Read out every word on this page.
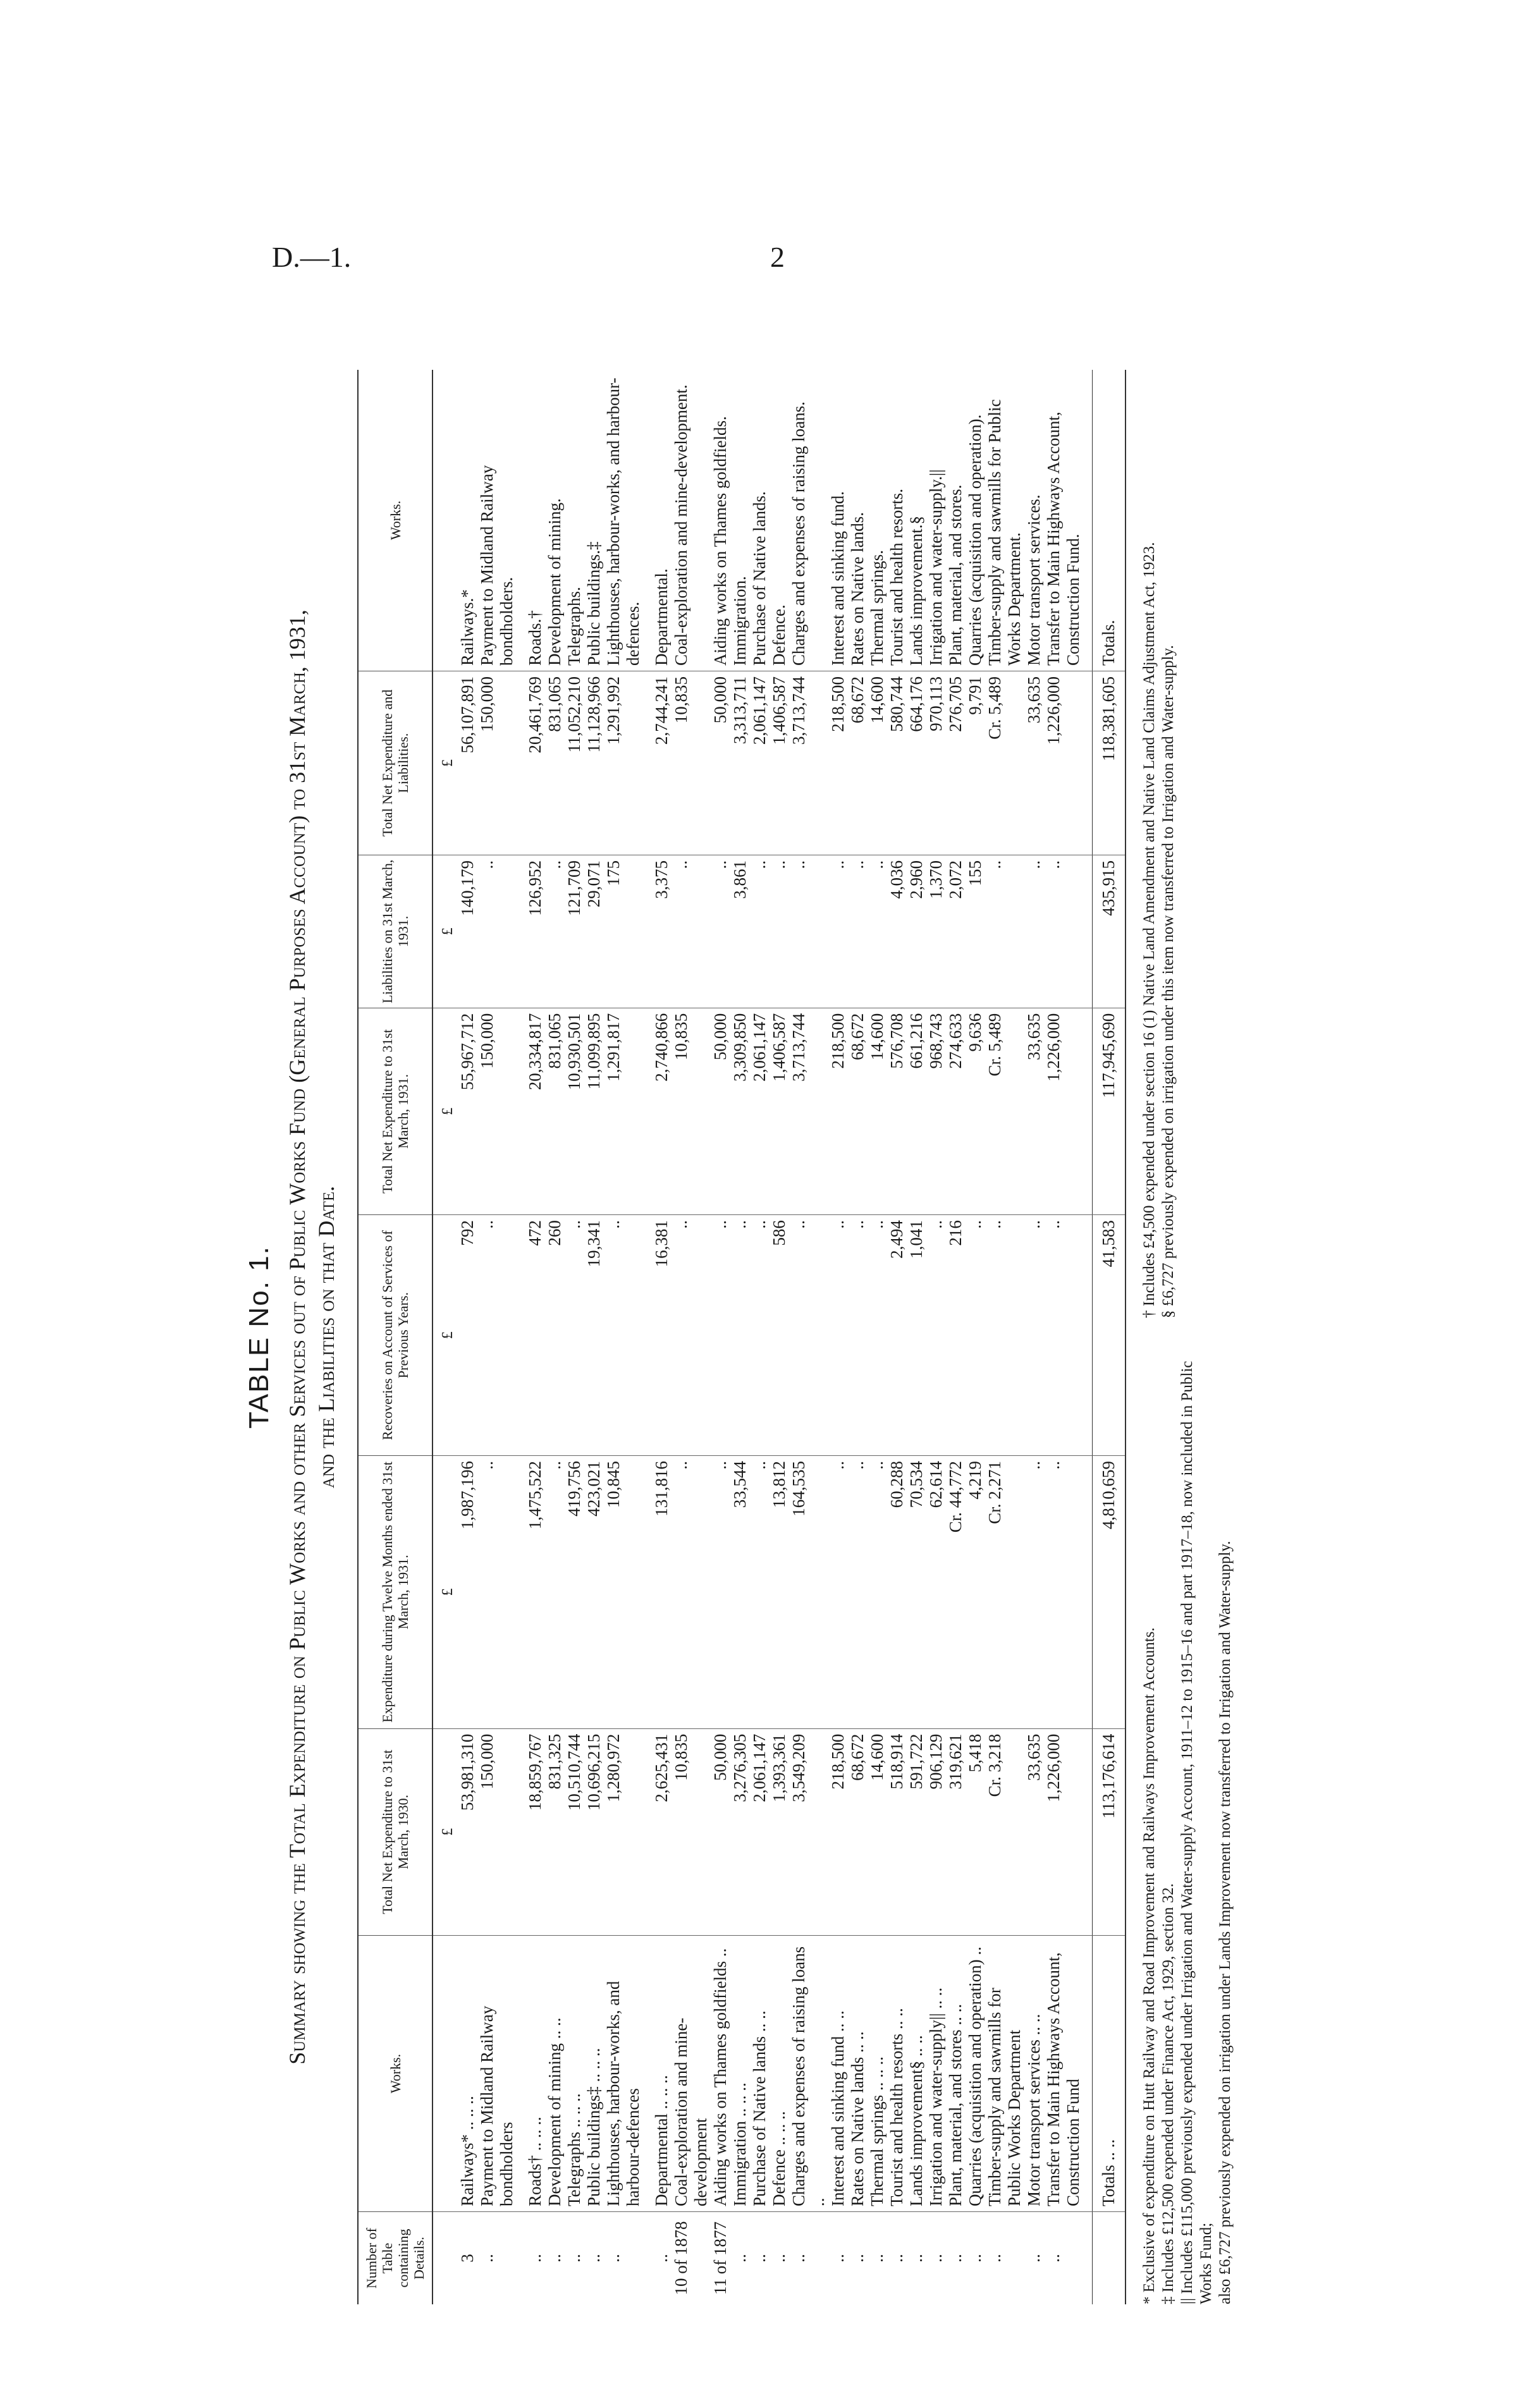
D.—1.	2
TABLE No. 1. Summary showing the Total Expenditure on Public Works and other Services out of Public Works Fund (General Purposes Account) to 31st March, 1931, and the Liabilities on that Date.
Number of Table containing Details.	Works.	Total Net Expenditure to 31st March, 1930.	Expenditure during Twelve Months ended 31st March, 1931.	Recoveries on Account of Services of Previous Years.	Total Net Expenditure to 31st March, 1931.	Liabilities on 31st March, 1931.	Total Net Expenditure and Liabilities.	Works.
		£	£	£	£	£	£	
3	Railways* .. .. ..	53,981,310	1,987,196	792	55,967,712	140,179	56,107,891	Railways.*
..	Payment to Midland Railway bondholders	150,000	..	..	150,000	..	150,000	Payment to Midland Railway bondholders.

..	Roads† .. .. ..	18,859,767	1,475,522	472	20,334,817	126,952	20,461,769	Roads.†
..	Development of mining .. ..	831,325	..	260	831,065	..	831,065	Development of mining.
..	Telegraphs .. .. ..	10,510,744	419,756	..	10,930,501	121,709	11,052,210	Telegraphs.
..	Public buildings‡ .. .. ..	10,696,215	423,021	19,341	11,099,895	29,071	11,128,966	Public buildings.‡
..	Lighthouses, harbour-works, and harbour-defences	1,280,972	10,845	..	1,291,817	175	1,291,992	Lighthouses, harbour-works, and harbour-defences.

..	Departmental .. .. ..	2,625,431	131,816	16,381	2,740,866	3,375	2,744,241	Departmental.
10 of 1878	Coal-exploration and mine-development	10,835	..	..	10,835	..	10,835	Coal-exploration and mine-development.
11 of 1877	Aiding works on Thames goldfields ..	50,000	..	..	50,000	..	50,000	Aiding works on Thames goldfields.
..	Immigration .. .. ..	3,276,305	33,544	..	3,309,850	3,861	3,313,711	Immigration.
..	Purchase of Native lands .. ..	2,061,147	..	..	2,061,147	..	2,061,147	Purchase of Native lands.
..	Defence .. .. ..	1,393,361	13,812	586	1,406,587	..	1,406,587	Defence.
..	Charges and expenses of raising loans ..	3,549,209	164,535	..	3,713,744	..	3,713,744	Charges and expenses of raising loans.
..	Interest and sinking fund .. ..	218,500	..	..	218,500	..	218,500	Interest and sinking fund.
..	Rates on Native lands .. ..	68,672	..	..	68,672	..	68,672	Rates on Native lands.
..	Thermal springs .. .. ..	14,600	..	..	14,600	..	14,600	Thermal springs.
..	Tourist and health resorts .. ..	518,914	60,288	2,494	576,708	4,036	580,744	Tourist and health resorts.
..	Lands improvement§ .. ..	591,722	70,534	1,041	661,216	2,960	664,176	Lands improvement.§
..	Irrigation and water-supply|| .. ..	906,129	62,614	..	968,743	1,370	970,113	Irrigation and water-supply.||
..	Plant, material, and stores .. ..	319,621	Cr. 44,772	216	274,633	2,072	276,705	Plant, material, and stores.
..	Quarries (acquisition and operation) ..	5,418	4,219	..	9,636	155	9,791	Quarries (acquisition and operation).
..	Timber-supply and sawmills for Public Works Department	Cr. 3,218	Cr. 2,271	..	Cr. 5,489	..	Cr. 5,489	Timber-supply and sawmills for Public Works Department.
..	Motor transport services .. ..	33,635	..	..	33,635	..	33,635	Motor transport services.
..	Transfer to Main Highways Account, Construction Fund	1,226,000	..	..	1,226,000	..	1,226,000	Transfer to Main Highways Account, Construction Fund.

	Totals .. ..	113,176,614	4,810,659	41,583	117,945,690	435,915	118,381,605	Totals.

* Exclusive of expenditure on Hutt Railway and Road Improvement and Railways Improvement Accounts. ‡ Includes £12,500 expended under Finance Act, 1929, section 32. || Includes £115,000 previously expended under Irrigation and Water-supply Account, 1911–12 to 1915–16 and part 1917–18, now included in Public Works Fund; also £6,727 previously expended on irrigation under Lands Improvement now transferred to Irrigation and Water-supply.

† Includes £4,500 expended under section 16 (1) Native Land Amendment and Native Land Claims Adjustment Act, 1923. § £6,727 previously expended on irrigation under this item now transferred to Irrigation and Water-supply.
